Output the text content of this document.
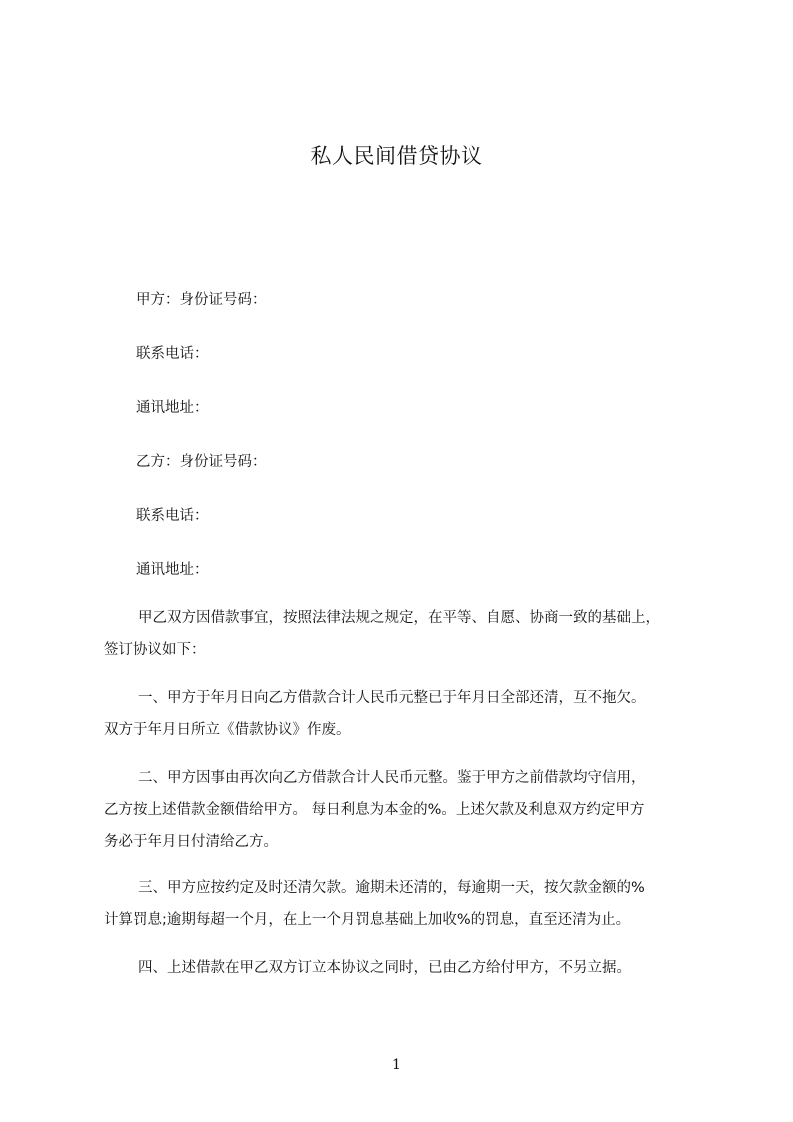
私人民间借贷协议
甲方：身份证号码：
联系电话：
通讯地址：
乙方：身份证号码：
联系电话：
通讯地址：
甲乙双方因借款事宜，按照法律法规之规定，在平等、自愿、协商一致的基础上，
签订协议如下：
一、甲方于年月日向乙方借款合计人民币元整已于年月日全部还清，互不拖欠。
双方于年月日所立《借款协议》作废。
二、甲方因事由再次向乙方借款合计人民币元整。鉴于甲方之前借款均守信用，
乙方按上述借款金额借给甲方。 每日利息为本金的%。上述欠款及利息双方约定甲方
务必于年月日付清给乙方。
三、甲方应按约定及时还清欠款。逾期未还清的，每逾期一天，按欠款金额的%
计算罚息;逾期每超一个月，在上一个月罚息基础上加收%的罚息，直至还清为止。
四、上述借款在甲乙双方订立本协议之同时，已由乙方给付甲方，不另立据。
1
